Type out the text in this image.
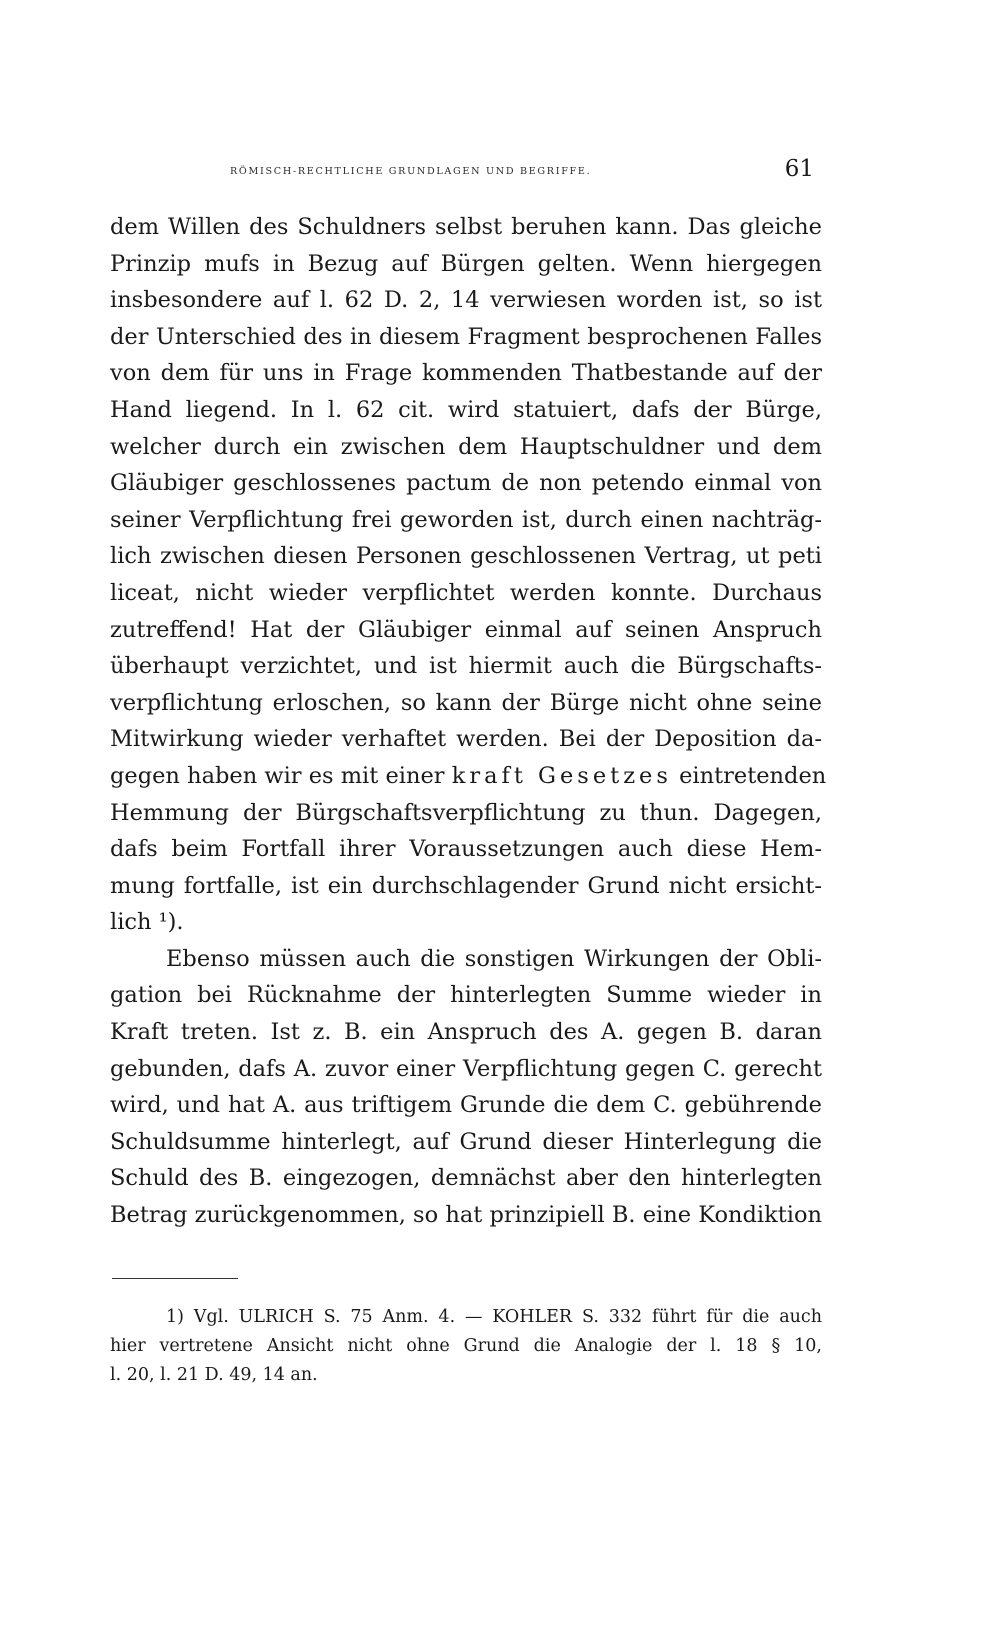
RÖMISCH-RECHTLICHE GRUNDLAGEN UND BEGRIFFE.	61
dem Willen des Schuldners selbst beruhen kann. Das gleiche
Prinzip mufs in Bezug auf Bürgen gelten. Wenn hiergegen
insbesondere auf l. 62 D. 2, 14 verwiesen worden ist, so ist
der Unterschied des in diesem Fragment besprochenen Falles
von dem für uns in Frage kommenden Thatbestande auf der
Hand liegend. In l. 62 cit. wird statuiert, dafs der Bürge,
welcher durch ein zwischen dem Hauptschuldner und dem
Gläubiger geschlossenes pactum de non petendo einmal von
seiner Verpflichtung frei geworden ist, durch einen nachträg-
lich zwischen diesen Personen geschlossenen Vertrag, ut peti
liceat, nicht wieder verpflichtet werden konnte. Durchaus
zutreffend! Hat der Gläubiger einmal auf seinen Anspruch
überhaupt verzichtet, und ist hiermit auch die Bürgschafts-
verpflichtung erloschen, so kann der Bürge nicht ohne seine
Mitwirkung wieder verhaftet werden. Bei der Deposition da-
gegen haben wir es mit einer kraft Gesetzes eintretenden
Hemmung der Bürgschaftsverpflichtung zu thun. Dagegen,
dafs beim Fortfall ihrer Voraussetzungen auch diese Hem-
mung fortfalle, ist ein durchschlagender Grund nicht ersicht-
lich ¹).
Ebenso müssen auch die sonstigen Wirkungen der Obli-
gation bei Rücknahme der hinterlegten Summe wieder in
Kraft treten. Ist z. B. ein Anspruch des A. gegen B. daran
gebunden, dafs A. zuvor einer Verpflichtung gegen C. gerecht
wird, und hat A. aus triftigem Grunde die dem C. gebührende
Schuldsumme hinterlegt, auf Grund dieser Hinterlegung die
Schuld des B. eingezogen, demnächst aber den hinterlegten
Betrag zurückgenommen, so hat prinzipiell B. eine Kondiktion
1) Vgl. ULRICH S. 75 Anm. 4. — KOHLER S. 332 führt für die auch
hier vertretene Ansicht nicht ohne Grund die Analogie der l. 18 § 10,
l. 20, l. 21 D. 49, 14 an.
